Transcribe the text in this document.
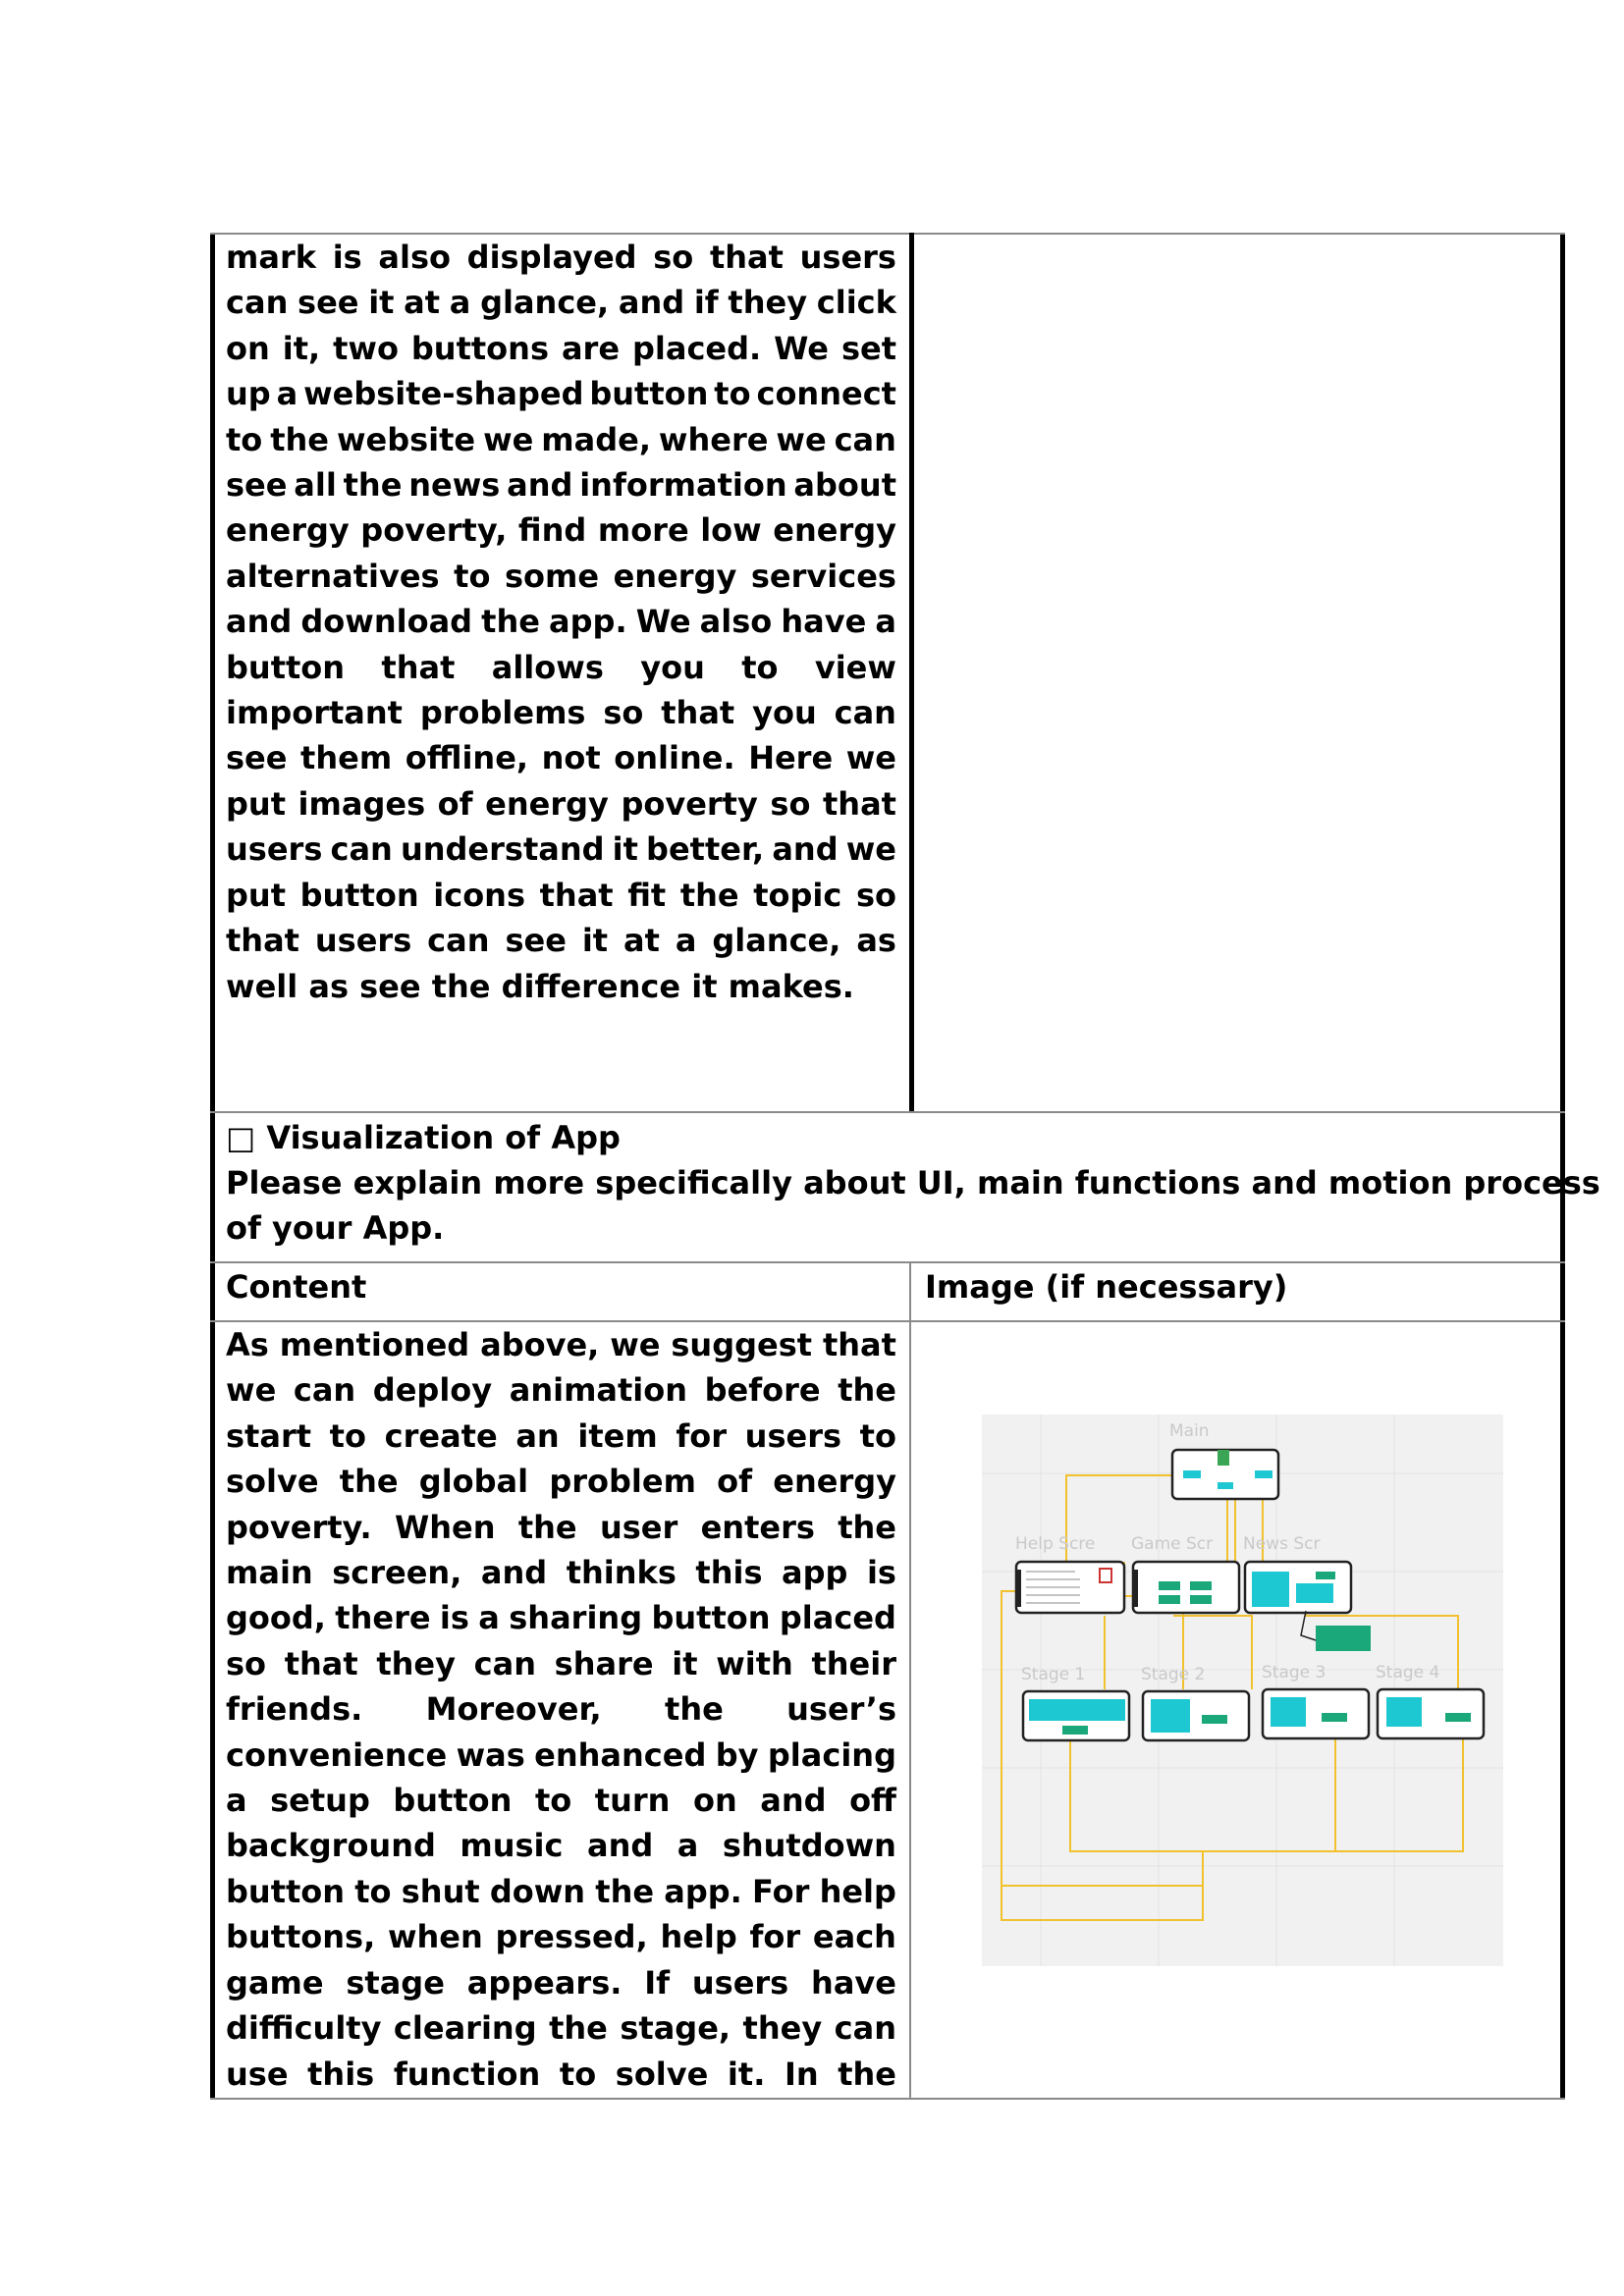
mark is also displayed so that users
can see it at a glance, and if they click
on it, two buttons are placed. We set
up a website-shaped button to connect
to the website we made, where we can
see all the news and information about
energy poverty, find more low energy
alternatives to some energy services
and download the app. We also have a
button that allows you to view
important problems so that you can
see them offline, not online. Here we
put images of energy poverty so that
users can understand it better, and we
put button icons that fit the topic so
that users can see it at a glance, as
well as see the difference it makes.
□ Visualization of App
Please explain more specifically about UI, main functions and motion process
of your App.
Content	Image (if necessary)
As mentioned above, we suggest that
we can deploy animation before the
start to create an item for users to
solve the global problem of energy
poverty. When the user enters the
main screen, and thinks this app is
good, there is a sharing button placed
so that they can share it with their
friends. Moreover, the user’s
convenience was enhanced by placing
a setup button to turn on and off
background music and a shutdown
button to shut down the app. For help
buttons, when pressed, help for each
game stage appears. If users have
difficulty clearing the stage, they can
use this function to solve it. In the
Main
Help Scre Game Scr News Scr
Stage 1	Stage 2	Stage 3	Stage 4
